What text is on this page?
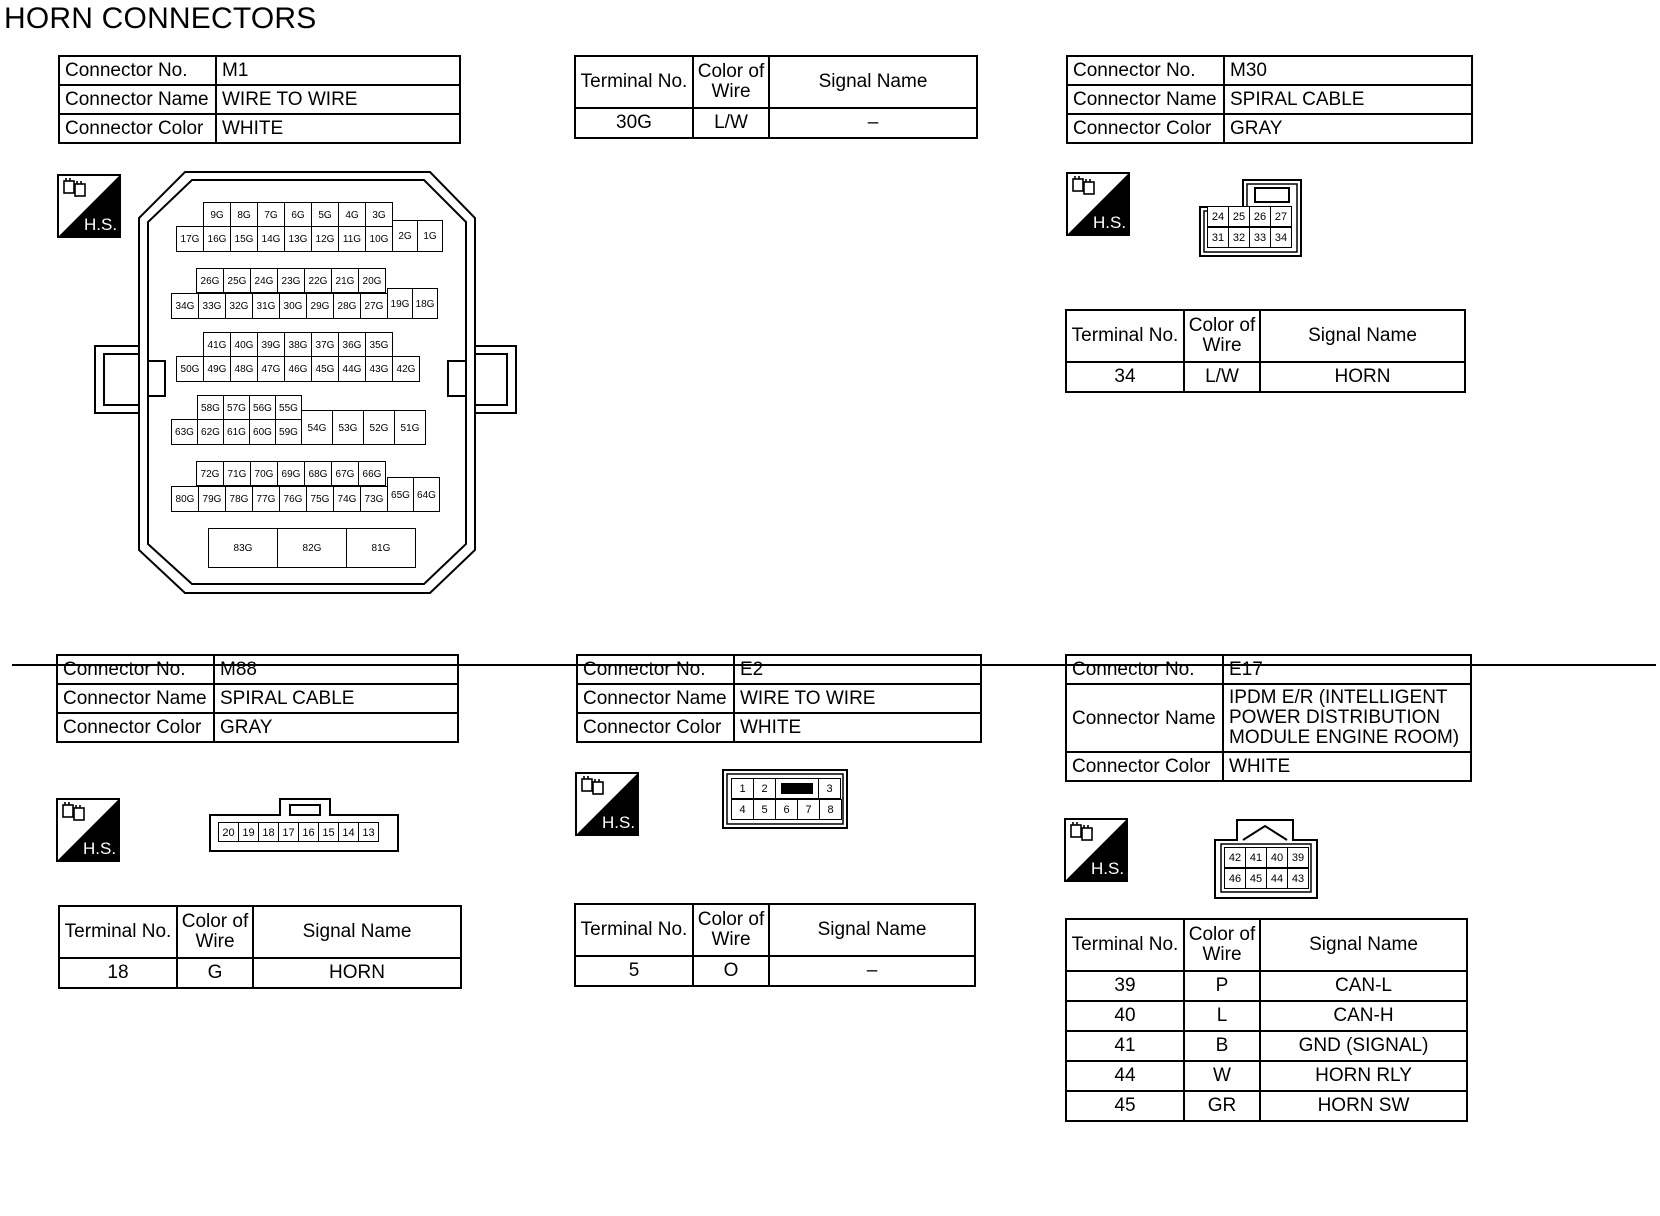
HORN CONNECTORS
Connector No.	M1
Connector Name	WIRE TO WIRE
Connector Color	WHITE
Terminal No.	Color of Wire	Signal Name
30G	L/W	–
H.S.	H.S.
H.S.
H.S.
H.S.
9G	8G	7G	6G	5G	4G	3G
17G 16G 15G 14G 13G 12G 11G 10G 2G	1G
26G 25G 24G 23G 22G 21G 20G
34G 33G 32G 31G 30G 29G 28G 27G 19G 18G
41G 40G 39G 38G 37G 36G 35G
50G 49G 48G 47G 46G 45G 44G 43G 42G
58G 57G 56G 55G
63G 62G 61G 60G 59G 54G	53G	52G	51G
72G 71G 70G 69G 68G 67G 66G
80G 79G 78G 77G 76G 75G 74G 73G 65G 64G
83G	82G	81G
Connector No.	M30
Connector Name	SPIRAL CABLE
Connector Color	GRAY
24 25 26 27
31 32 33 34
Terminal No.	Color of Wire	Signal Name
34	L/W	HORN
Connector No.	M88
Connector Name	SPIRAL CABLE
Connector Color	GRAY
20 19 18 17 16 15 14 13
Terminal No.	Color of Wire	Signal Name
18	G	HORN
Connector No.	E2
Connector Name	WIRE TO WIRE
Connector Color	WHITE
1	2	3
4	5	6	7	8
Terminal No.	Color of Wire	Signal Name
5	O	–
Connector No.	E17
Connector Name	IPDM E/R (INTELLIGENT POWER DISTRIBUTION MODULE ENGINE ROOM)
Connector Color	WHITE
42 41 40 39
46 45 44 43
Terminal No.	Color of Wire	Signal Name
39	P	CAN-L
40	L	CAN-H
41	B	GND (SIGNAL)
44	W	HORN RLY
45	GR	HORN SW
